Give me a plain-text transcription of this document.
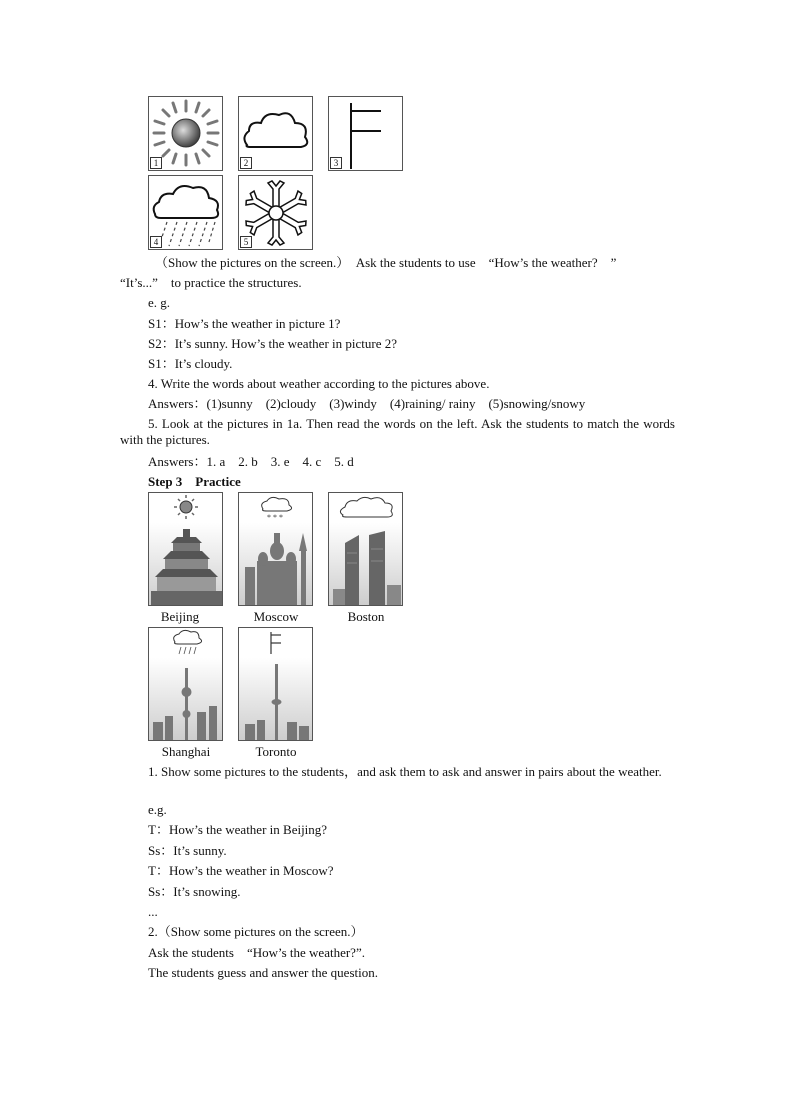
1	2	3
4	5
（Show the pictures on the screen.）　Ask the students to use　“How’s the weather?　”
“It’s...”　to practice the structures.
e. g.
S1：How’s the weather in picture 1?
S2：It’s sunny. How’s the weather in picture 2?
S1：It’s cloudy.
4. Write the words about weather according to the pictures above.
Answers：(1)sunny　(2)cloudy　(3)windy　(4)raining/ rainy　(5)snowing/snowy
5. Look at the pictures in 1a. Then read the words on the left. Ask the students to match the words with the pictures.
Answers：1. a　2. b　3. e　4. c　5. d
Step 3　Practice
* * *
Beijing	Moscow	Boston
Shanghai	Toronto
1. Show some pictures to the students，and ask them to ask and answer in pairs about the weather.
e.g.
T：How’s the weather in Beijing?
Ss：It’s sunny.
T：How’s the weather in Moscow?
Ss：It’s snowing.
...
2.（Show some pictures on the screen.）
Ask the students　“How’s the weather?”.
The students guess and answer the question.
